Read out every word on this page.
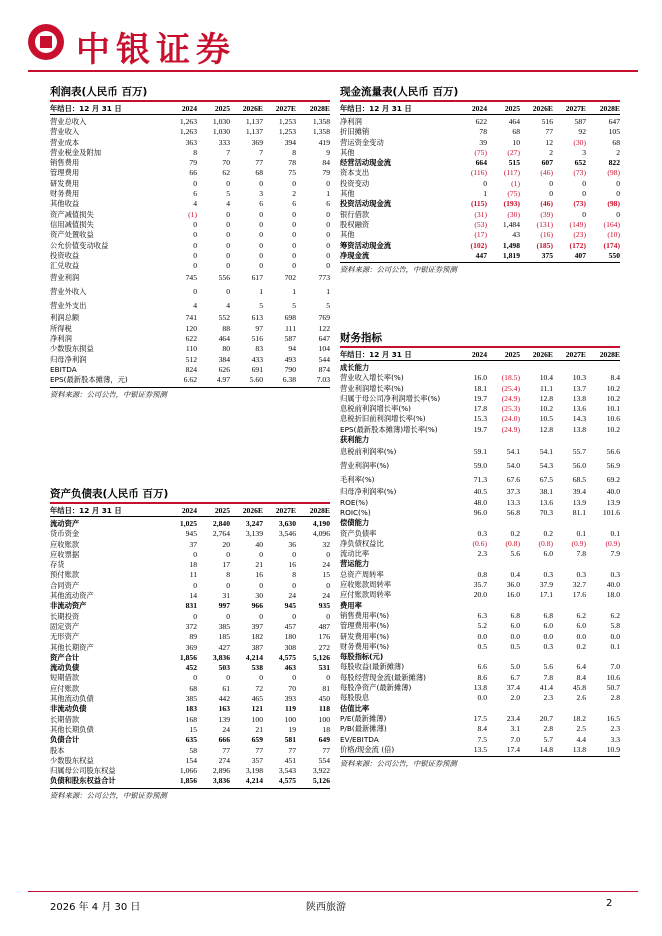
中银证券
利润表(人民币 百万)
年结日：12 月 31 日	2024	2025	2026E	2027E	2028E
营业总收入	1,263	1,030	1,137	1,253	1,358
营业收入	1,263	1,030	1,137	1,253	1,358
营业成本	363	333	369	394	419
营业税金及附加	8	7	7	8	9
销售费用	79	70	77	78	84
管理费用	66	62	68	75	79
研发费用	0	0	0	0	0
财务费用	6	5	3	2	1
其他收益	4	4	6	6	6
资产减值损失	(1)	0	0	0	0
信用减值损失	0	0	0	0	0
资产处置收益	0	0	0	0	0
公允价值变动收益	0	0	0	0	0
投资收益	0	0	0	0	0
汇兑收益	0	0	0	0	0
营业利润	745	556	617	702	773
营业外收入	0	0	1	1	1
营业外支出	4	4	5	5	5
利润总额	741	552	613	698	769
所得税	120	88	97	111	122
净利润	622	464	516	587	647
少数股东损益	110	80	83	94	104
归母净利润	512	384	433	493	544
EBITDA	824	626	691	790	874
EPS(最新股本摊薄，元)	6.62	4.97	5.60	6.38	7.03
资料来源：公司公告，中银证券预测
资产负债表(人民币 百万)
年结日：12 月 31 日	2024	2025	2026E	2027E	2028E
流动资产	1,025	2,840	3,247	3,630	4,190
货币资金	945	2,764	3,139	3,546	4,096
应收账款	37	20	40	36	32
应收票据	0	0	0	0	0
存货	18	17	21	16	24
预付账款	11	8	16	8	15
合同资产	0	0	0	0	0
其他流动资产	14	31	30	24	24
非流动资产	831	997	966	945	935
长期投资	0	0	0	0	0
固定资产	372	385	397	457	487
无形资产	89	185	182	180	176
其他长期资产	369	427	387	308	272
资产合计	1,856	3,836	4,214	4,575	5,126
流动负债	452	503	538	463	531
短期借款	0	0	0	0	0
应付账款	68	61	72	70	81
其他流动负债	385	442	465	393	450
非流动负债	183	163	121	119	118
长期借款	168	139	100	100	100
其他长期负债	15	24	21	19	18
负债合计	635	666	659	581	649
股本	58	77	77	77	77
少数股东权益	154	274	357	451	554
归属母公司股东权益	1,066	2,896	3,198	3,543	3,922
负债和股东权益合计	1,856	3,836	4,214	4,575	5,126
资料来源：公司公告，中银证券预测
现金流量表(人民币 百万)
年结日：12 月 31 日	2024	2025	2026E	2027E	2028E
净利润	622	464	516	587	647
折旧摊销	78	68	77	92	105
营运资金变动	39	10	12	(30)	68
其他	(75)	(27)	2	3	2
经营活动现金流	664	515	607	652	822
资本支出	(116)	(117)	(46)	(73)	(98)
投资变动	0	(1)	0	0	0
其他	1	(75)	0	0	0
投资活动现金流	(115)	(193)	(46)	(73)	(98)
银行借款	(31)	(30)	(39)	0	0
股权融资	(53)	1,484	(131)	(149)	(164)
其他	(17)	43	(16)	(23)	(10)
筹资活动现金流	(102)	1,498	(185)	(172)	(174)
净现金流	447	1,819	375	407	550
资料来源：公司公告，中银证券预测
财务指标
年结日：12 月 31 日	2024	2025	2026E	2027E	2028E
成长能力
营业收入增长率(%)	16.0	(18.5)	10.4	10.3	8.4
营业利润增长率(%)	18.1	(25.4)	11.1	13.7	10.2
归属于母公司净利润增长率(%)	19.7	(24.9)	12.8	13.8	10.2
息税前利润增长率(%)	17.8	(25.3)	10.2	13.6	10.1
息税折旧前利润增长率(%)	15.3	(24.0)	10.5	14.3	10.6
EPS(最新股本摊薄)增长率(%)	19.7	(24.9)	12.8	13.8	10.2
获利能力
息税前利润率(%)	59.1	54.1	54.1	55.7	56.6
营业利润率(%)	59.0	54.0	54.3	56.0	56.9
毛利率(%)	71.3	67.6	67.5	68.5	69.2
归母净利润率(%)	40.5	37.3	38.1	39.4	40.0
ROE(%)	48.0	13.3	13.6	13.9	13.9
ROIC(%)	96.0	56.8	70.3	81.1	101.6
偿债能力
资产负债率	0.3	0.2	0.2	0.1	0.1
净负债权益比	(0.6)	(0.8)	(0.8)	(0.9)	(0.9)
流动比率	2.3	5.6	6.0	7.8	7.9
营运能力
总资产周转率	0.8	0.4	0.3	0.3	0.3
应收账款周转率	35.7	36.0	37.9	32.7	40.0
应付账款周转率	20.0	16.0	17.1	17.6	18.0
费用率
销售费用率(%)	6.3	6.8	6.8	6.2	6.2
管理费用率(%)	5.2	6.0	6.0	6.0	5.8
研发费用率(%)	0.0	0.0	0.0	0.0	0.0
财务费用率(%)	0.5	0.5	0.3	0.2	0.1
每股指标(元)
每股收益(最新摊薄)	6.6	5.0	5.6	6.4	7.0
每股经营现金流(最新摊薄)	8.6	6.7	7.8	8.4	10.6
每股净资产(最新摊薄)	13.8	37.4	41.4	45.8	50.7
每股股息	0.0	2.0	2.3	2.6	2.8
估值比率
P/E(最新摊薄)	17.5	23.4	20.7	18.2	16.5
P/B(最新摊薄)	8.4	3.1	2.8	2.5	2.3
EV/EBITDA	7.5	7.0	5.7	4.4	3.3
价格/现金流 (倍)	13.5	17.4	14.8	13.8	10.9
资料来源：公司公告，中银证券预测
2026 年 4 月 30 日	陕西旅游	2
